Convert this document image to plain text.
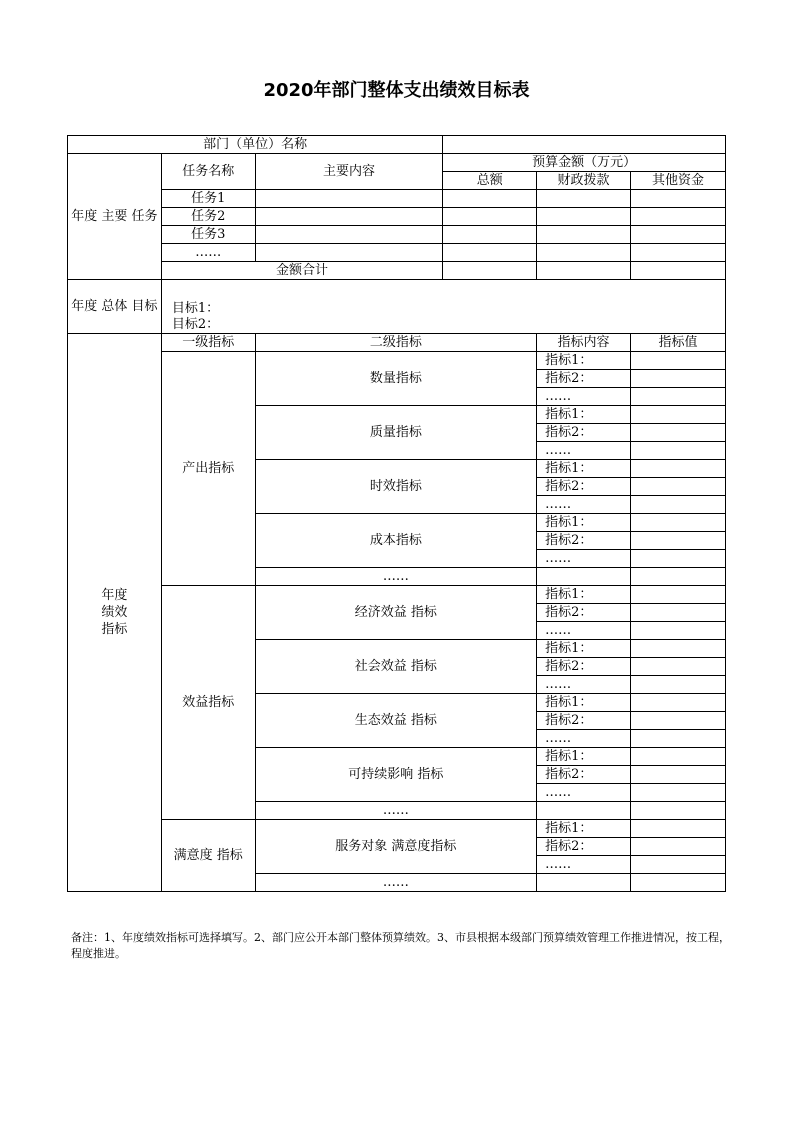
2020年部门整体支出绩效目标表
部门（单位）名称					
年度 主要 任务	任务名称	主要内容	预算金额（万元）		
			总额	财政拨款	其他资金
	任务1				
	任务2				
	任务3				
	……				
	金额合计				
年度 总体 目标	目标1：
目标2：				
年度绩效指标	一级指标	二级指标		指标内容	指标值
	产出指标	数量指标		指标1：	
				指标2：	
				……	
		质量指标		指标1：	
				指标2：	
				……	
		时效指标		指标1：	
				指标2：	
				……	
		成本指标		指标1：	
				指标2：	
				……	
		……			
	效益指标	经济效益 指标		指标1：	
				指标2：	
				……	
		社会效益 指标		指标1：	
				指标2：	
				……	
		生态效益 指标		指标1：	
				指标2：	
				……	
		可持续影响 指标		指标1：	
				指标2：	
				……	
		……			
	满意度 指标	服务对象 满意度指标		指标1：	
				指标2：	
				……	
		……			
备注：1、年度绩效指标可选择填写。2、部门应公开本部门整体预算绩效。3、市县根据本级部门预算绩效管理工作推进情况，按工程，程度推进。
